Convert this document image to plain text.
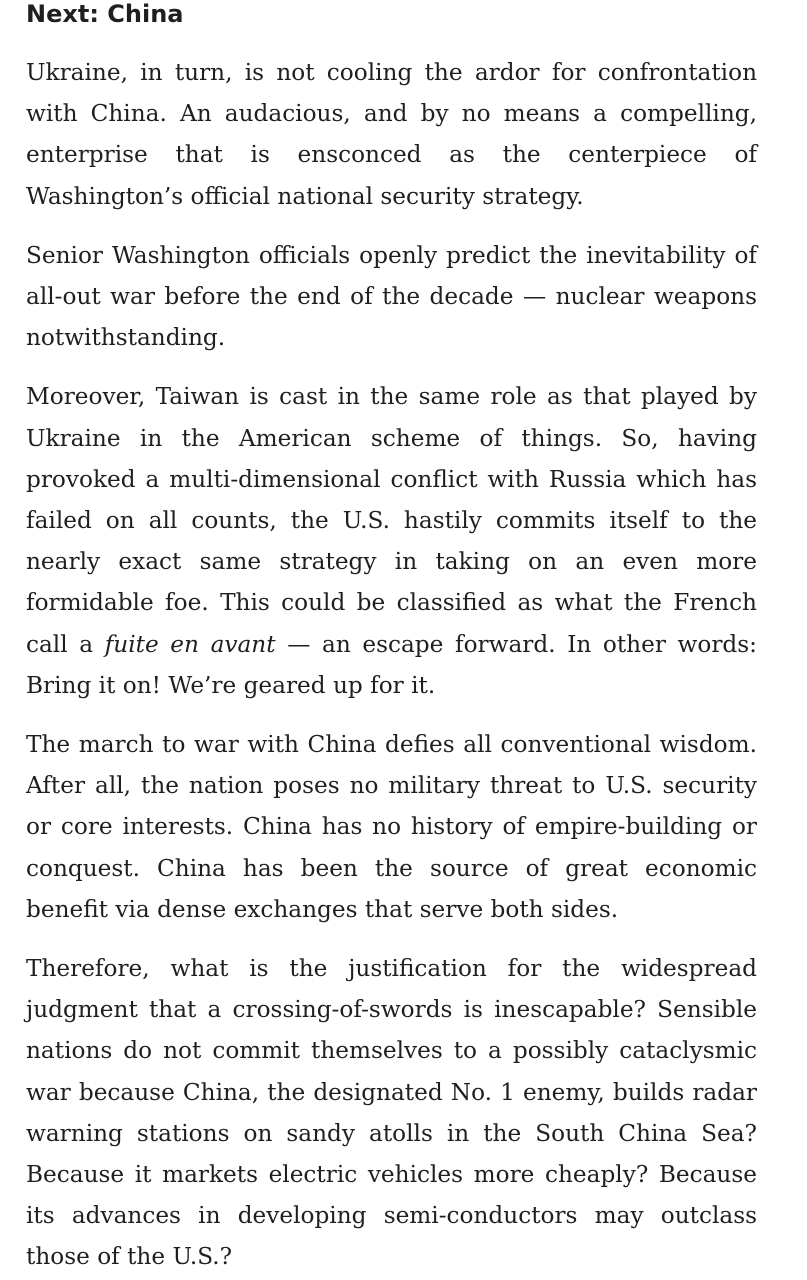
Next: China

Ukraine, in turn, is not cooling the ardor for confrontation with China. An audacious, and by no means a compelling, enterprise that is ensconced as the centerpiece of Washington’s official national security strategy.

Senior Washington officials openly predict the inevitability of all-out war before the end of the decade — nuclear weapons notwithstanding.

Moreover, Taiwan is cast in the same role as that played by Ukraine in the American scheme of things. So, having provoked a multi-dimensional conflict with Russia which has failed on all counts, the U.S. hastily commits itself to the nearly exact same strategy in taking on an even more formidable foe. This could be classified as what the French call a fuite en avant — an escape forward. In other words: Bring it on! We’re geared up for it.

The march to war with China defies all conventional wisdom. After all, the nation poses no military threat to U.S. security or core interests. China has no history of empire-building or conquest. China has been the source of great economic benefit via dense exchanges that serve both sides.

Therefore, what is the justification for the widespread judgment that a crossing-of-swords is inescapable? Sensible nations do not commit themselves to a possibly cataclysmic war because China, the designated No. 1 enemy, builds radar warning stations on sandy atolls in the South China Sea? Because it markets electric vehicles more cheaply? Because its advances in developing semi-conductors may outclass those of the U.S.?
